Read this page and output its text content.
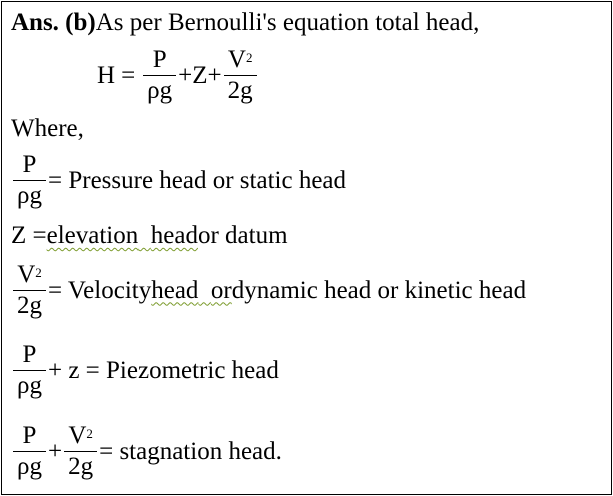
Ans. (b) As per Bernoulli's equation total head,
$H = \frac{P}{\rho g} + Z + \frac{V^2}{2g}$
Where,
$\frac{P}{\rho g}$ = Pressure head or static head
Z = elevation
head or datum
$\frac{V^2}{2g}$ = Velocity head
or dynamic head or kinetic head
$\frac{P}{\rho g} + z$ = Piezometric head
$\frac{P}{\rho g} + \frac{V^2}{2g}$ = stagnation head.
